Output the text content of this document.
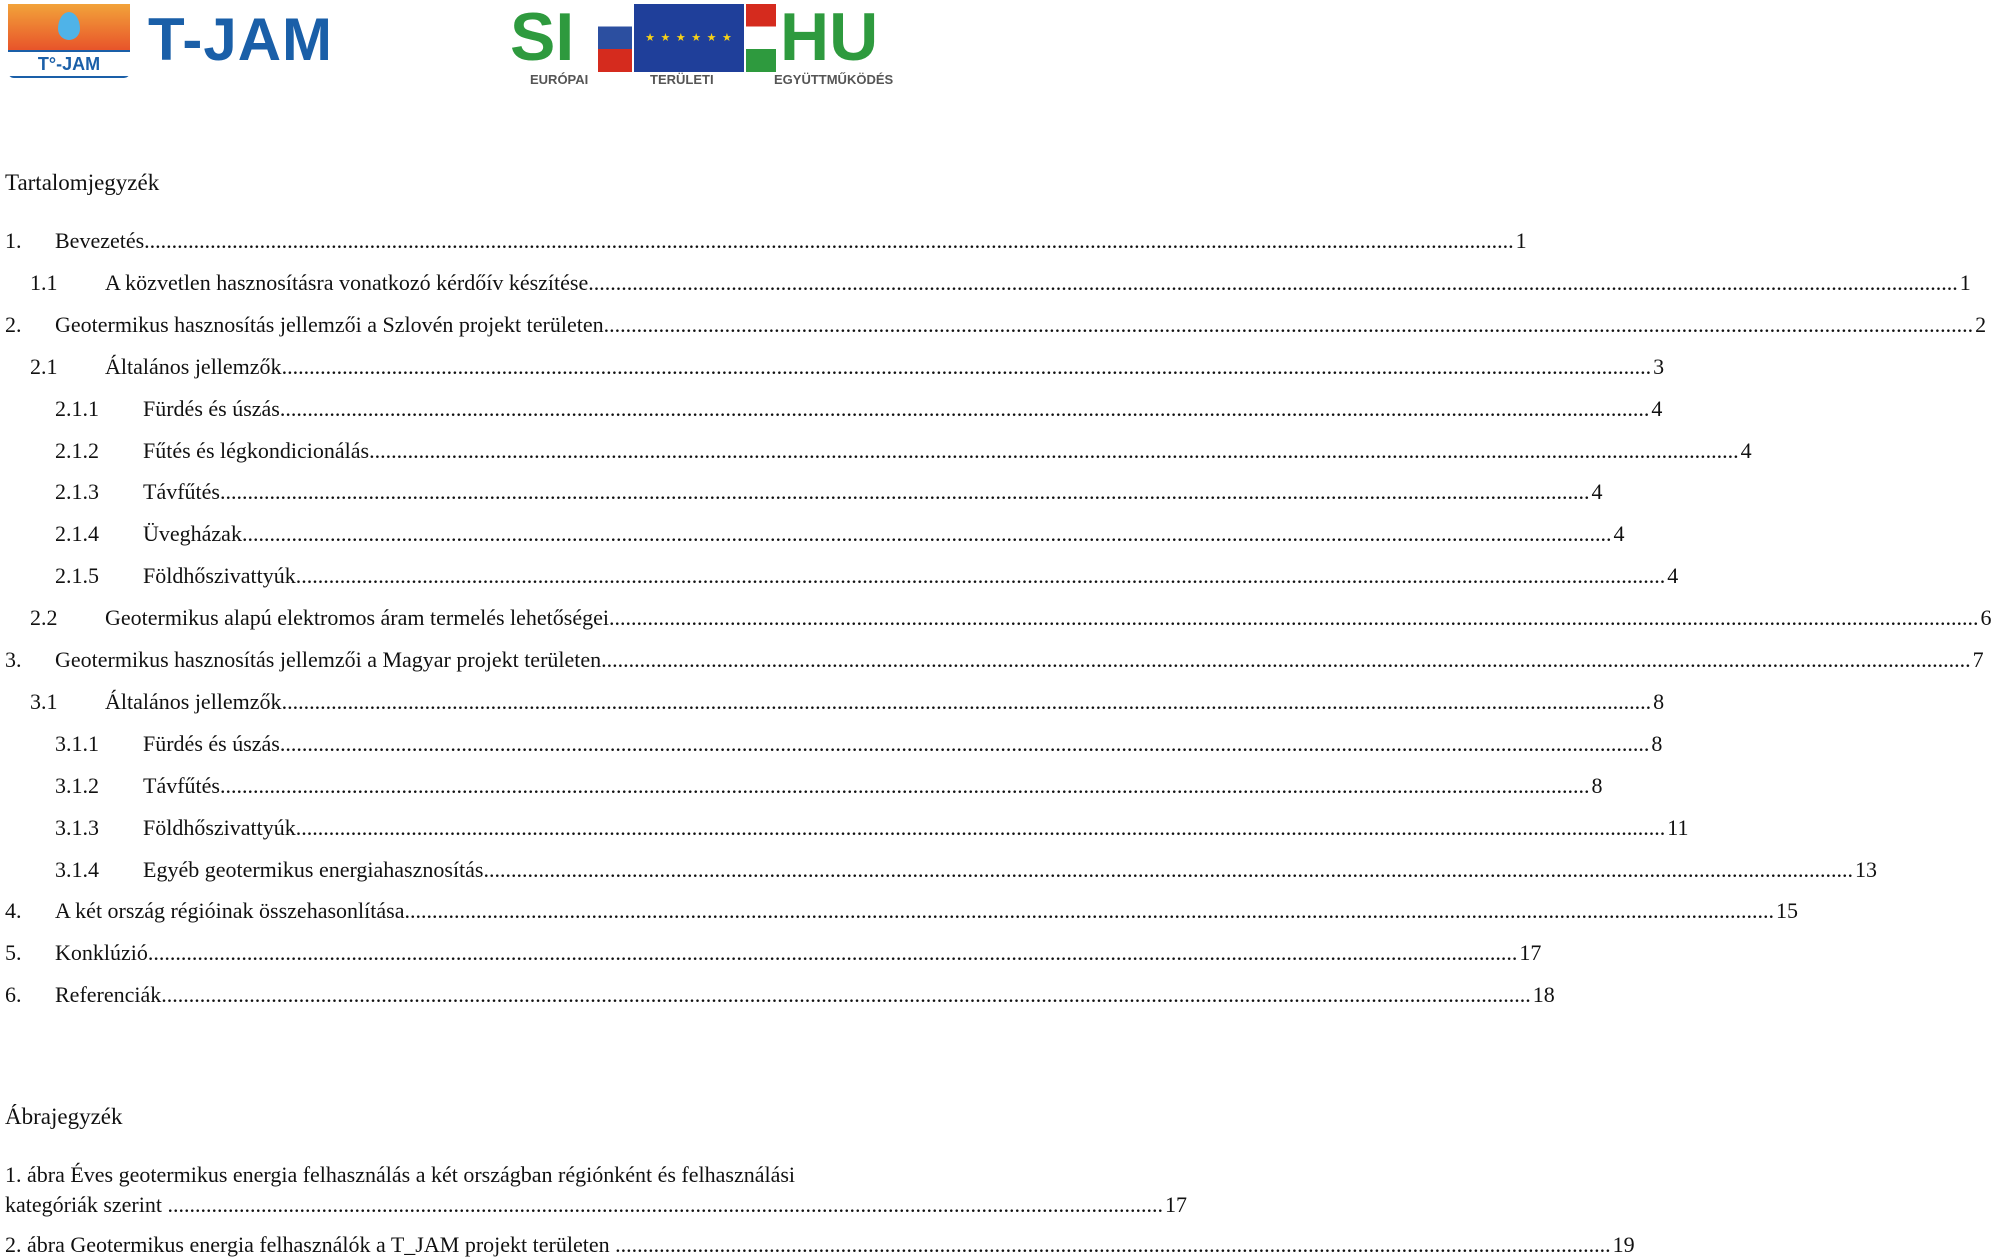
T°-JAM T-JAM	SI	★ ★ ★ ★ ★ ★ HU
EURÓPAI	TERÜLETI	EGYÜTTMŰKÖDÉS
Tartalomjegyzék
1. Bevezetés .....	1
1.1 A közvetlen hasznosításra vonatkozó kérdőív készítése .....	1
2. Geotermikus hasznosítás jellemzői a Szlovén projekt területen .....	2
2.1 Általános jellemzők .....	3
2.1.1 Fürdés és úszás .....	4
2.1.2 Fűtés és légkondicionálás .....	4
2.1.3 Távfűtés .....	4
2.1.4 Üvegházak .....	4
2.1.5 Földhőszivattyúk .....	4
2.2 Geotermikus alapú elektromos áram termelés lehetőségei .....	6
3. Geotermikus hasznosítás jellemzői a Magyar projekt területen .....	7
3.1 Általános jellemzők .....	8
3.1.1 Fürdés és úszás .....	8
3.1.2 Távfűtés .....	8
3.1.3 Földhőszivattyúk .....	11
3.1.4 Egyéb geotermikus energiahasznosítás .....	13
4. A két ország régióinak összehasonlítása .....	15
5. Konklúzió .....	17
6. Referenciák .....	18
Ábrajegyzék
1. ábra Éves geotermikus energia felhasználás a két országban régiónként és felhasználási
kategóriák szerint ..................................................................................................................................................................................... 17
2. ábra Geotermikus energia felhasználók a T_JAM projekt területen ..................................................................................................................................................................................... 19
